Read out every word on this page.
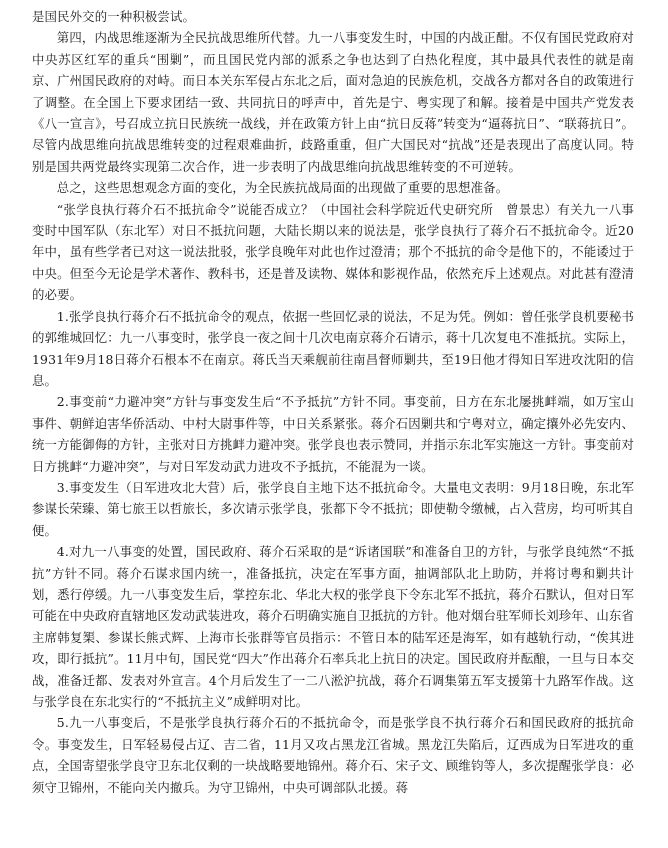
是国民外交的一种积极尝试。

第四，内战思维逐渐为全民抗战思维所代替。九一八事变发生时，中国的内战正酣。不仅有国民党政府对中央苏区红军的重兵“围剿”，而且国民党内部的派系之争也达到了白热化程度，其中最具代表性的就是南京、广州国民政府的对峙。而日本关东军侵占东北之后，面对急迫的民族危机，交战各方都对各自的政策进行了调整。在全国上下要求团结一致、共同抗日的呼声中，首先是宁、粤实现了和解。接着是中国共产党发表《八一宣言》，号召成立抗日民族统一战线，并在政策方针上由“抗日反蒋”转变为“逼蒋抗日”、“联蒋抗日”。尽管内战思维向抗战思维转变的过程艰难曲折，歧路重重，但广大国民对“抗战”还是表现出了高度认同。特别是国共两党最终实现第二次合作，进一步表明了内战思维向抗战思维转变的不可逆转。

总之，这些思想观念方面的变化，为全民族抗战局面的出现做了重要的思想准备。

“张学良执行蒋介石不抵抗命令”说能否成立？（中国社会科学院近代史研究所　曾景忠）有关九一八事变时中国军队（东北军）对日不抵抗问题，大陆长期以来的说法是，张学良执行了蒋介石不抵抗命令。近20年中，虽有些学者已对这一说法批驳，张学良晚年对此也作过澄清；那个不抵抗的命令是他下的，不能诿过于中央。但至今无论是学术著作、教科书，还是普及读物、媒体和影视作品，依然充斥上述观点。对此甚有澄清的必要。

1.张学良执行蒋介石不抵抗命令的观点，依据一些回忆录的说法，不足为凭。例如：曾任张学良机要秘书的郭维城回忆：九一八事变时，张学良一夜之间十几次电南京蒋介石请示，蒋十几次复电不准抵抗。实际上，1931年9月18日蒋介石根本不在南京。蒋氏当天乘舰前往南昌督师剿共，至19日他才得知日军进攻沈阳的信息。

2.事变前“力避冲突”方针与事变发生后“不予抵抗”方针不同。事变前，日方在东北屡挑衅端，如万宝山事件、朝鲜迫害华侨活动、中村大尉事件等，中日关系紧张。蒋介石因剿共和宁粤对立，确定攘外必先安内、统一方能御侮的方针，主张对日方挑衅力避冲突。张学良也表示赞同，并指示东北军实施这一方针。事变前对日方挑衅“力避冲突”，与对日军发动武力进攻不予抵抗，不能混为一谈。

3.事变发生（日军进攻北大营）后，张学良自主地下达不抵抗命令。大量电文表明：9月18日晚，东北军参谋长荣臻、第七旅王以哲旅长，多次请示张学良，张都下令不抵抗；即使勒令缴械，占入营房，均可听其自便。

4.对九一八事变的处置，国民政府、蒋介石采取的是“诉诸国联”和准备自卫的方针，与张学良纯然“不抵抗”方针不同。蒋介石谋求国内统一，准备抵抗，决定在军事方面，抽调部队北上助防，并将讨粤和剿共计划，悉行停缓。九一八事变发生后，掌控东北、华北大权的张学良下令东北军不抵抗，蒋介石默认，但对日军可能在中央政府直辖地区发动武装进攻，蒋介石明确实施自卫抵抗的方针。他对烟台驻军师长刘珍年、山东省主席韩复榘、参谋长熊式辉、上海市长张群等官员指示：不管日本的陆军还是海军，如有越轨行动，“俟其进攻，即行抵抗”。11月中旬，国民党“四大”作出蒋介石率兵北上抗日的决定。国民政府并酝酿，一旦与日本交战，准备迁都、发表对外宣言。4个月后发生了一二八淞沪抗战，蒋介石调集第五军支援第十九路军作战。这与张学良在东北实行的“不抵抗主义”成鲜明对比。

5.九一八事变后，不是张学良执行蒋介石的不抵抗命令，而是张学良不执行蒋介石和国民政府的抵抗命令。事变发生，日军轻易侵占辽、吉二省，11月又攻占黑龙江省城。黑龙江失陷后，辽西成为日军进攻的重点，全国寄望张学良守卫东北仅剩的一块战略要地锦州。蒋介石、宋子文、顾维钧等人，多次提醒张学良：必须守卫锦州，不能向关内撤兵。为守卫锦州，中央可调部队北援。蒋
